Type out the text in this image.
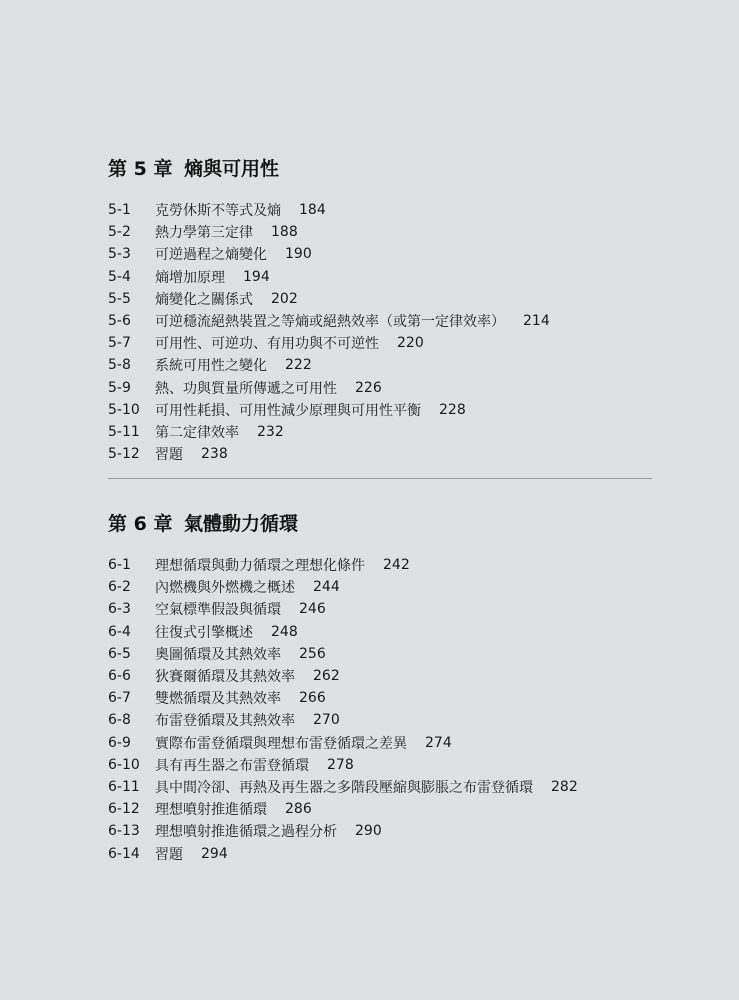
第 5 章 熵與可用性
5-1	克勞休斯不等式及熵 184
5-2	熱力學第三定律 188
5-3	可逆過程之熵變化 190
5-4	熵增加原理 194
5-5	熵變化之關係式 202
5-6	可逆穩流絕熱裝置之等熵或絕熱效率（或第一定律效率） 214
5-7	可用性、可逆功、有用功與不可逆性 220
5-8	系統可用性之變化 222
5-9	熱、功與質量所傳遞之可用性 226
5-10	可用性耗損、可用性減少原理與可用性平衡 228
5-11	第二定律效率 232
5-12	習題 238
第 6 章 氣體動力循環
6-1	理想循環與動力循環之理想化條件 242
6-2	內燃機與外燃機之概述 244
6-3	空氣標準假設與循環 246
6-4	往復式引擎概述 248
6-5	奧圖循環及其熱效率 256
6-6	狄賽爾循環及其熱效率 262
6-7	雙燃循環及其熱效率 266
6-8	布雷登循環及其熱效率 270
6-9	實際布雷登循環與理想布雷登循環之差異 274
6-10	具有再生器之布雷登循環 278
6-11	具中間冷卻、再熱及再生器之多階段壓縮與膨脹之布雷登循環 282
6-12	理想噴射推進循環 286
6-13	理想噴射推進循環之過程分析 290
6-14	習題 294
